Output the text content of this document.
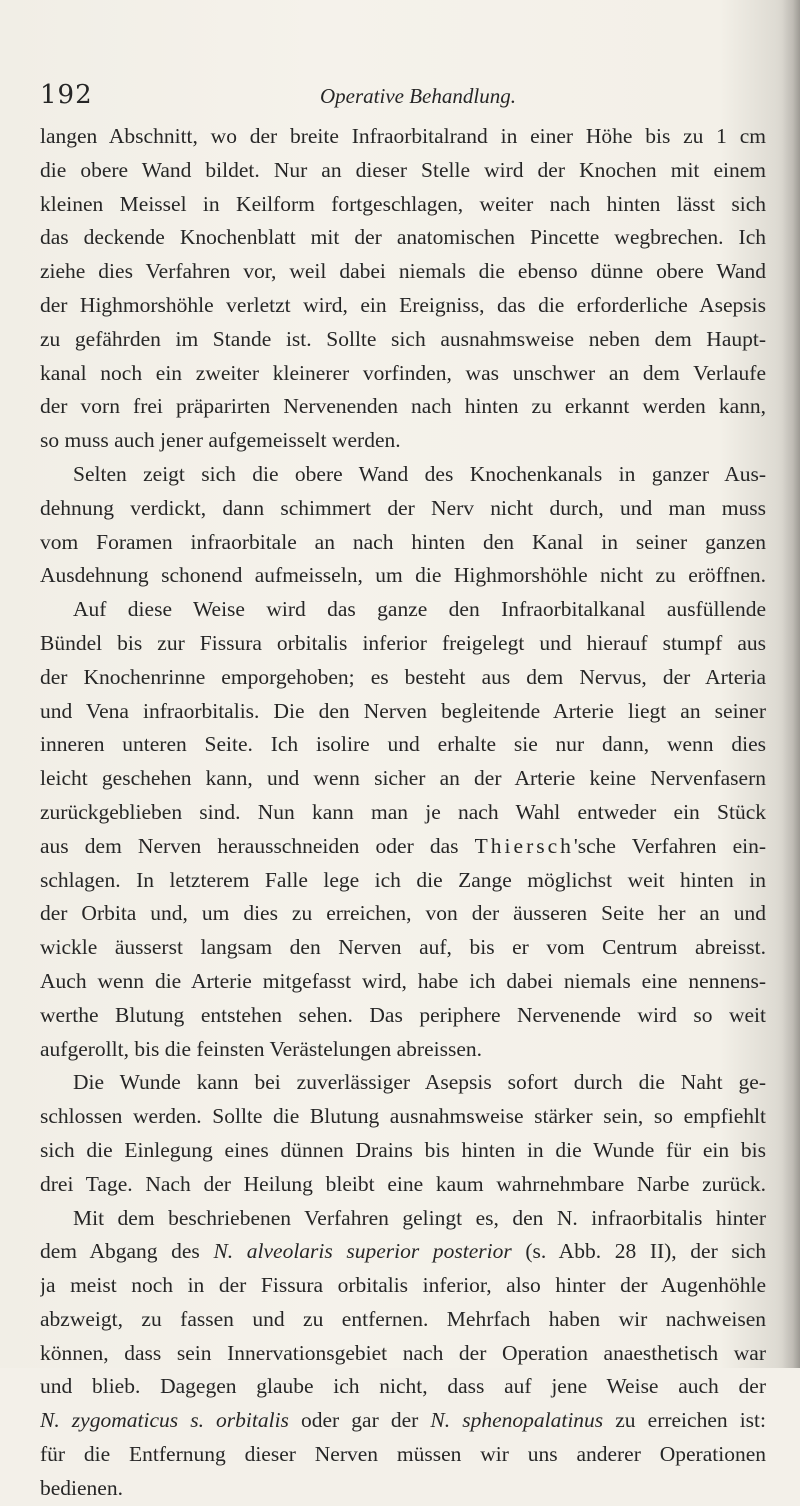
192	Operative Behandlung.
langen Abschnitt, wo der breite Infraorbitalrand in einer Höhe bis zu 1 cm
die obere Wand bildet. Nur an dieser Stelle wird der Knochen mit einem
kleinen Meissel in Keilform fortgeschlagen, weiter nach hinten lässt sich
das deckende Knochenblatt mit der anatomischen Pincette wegbrechen. Ich
ziehe dies Verfahren vor, weil dabei niemals die ebenso dünne obere Wand
der Highmorshöhle verletzt wird, ein Ereigniss, das die erforderliche Asepsis
zu gefährden im Stande ist. Sollte sich ausnahmsweise neben dem Haupt-
kanal noch ein zweiter kleinerer vorfinden, was unschwer an dem Verlaufe
der vorn frei präparirten Nervenenden nach hinten zu erkannt werden kann,
so muss auch jener aufgemeisselt werden.
Selten zeigt sich die obere Wand des Knochenkanals in ganzer Aus-
dehnung verdickt, dann schimmert der Nerv nicht durch, und man muss
vom Foramen infraorbitale an nach hinten den Kanal in seiner ganzen
Ausdehnung schonend aufmeisseln, um die Highmorshöhle nicht zu eröffnen.
Auf diese Weise wird das ganze den Infraorbitalkanal ausfüllende
Bündel bis zur Fissura orbitalis inferior freigelegt und hierauf stumpf aus
der Knochenrinne emporgehoben; es besteht aus dem Nervus, der Arteria
und Vena infraorbitalis. Die den Nerven begleitende Arterie liegt an seiner
inneren unteren Seite. Ich isolire und erhalte sie nur dann, wenn dies
leicht geschehen kann, und wenn sicher an der Arterie keine Nervenfasern
zurückgeblieben sind. Nun kann man je nach Wahl entweder ein Stück
aus dem Nerven herausschneiden oder das Thiersch'sche Verfahren ein-
schlagen. In letzterem Falle lege ich die Zange möglichst weit hinten in
der Orbita und, um dies zu erreichen, von der äusseren Seite her an und
wickle äusserst langsam den Nerven auf, bis er vom Centrum abreisst.
Auch wenn die Arterie mitgefasst wird, habe ich dabei niemals eine nennens-
werthe Blutung entstehen sehen. Das periphere Nervenende wird so weit
aufgerollt, bis die feinsten Verästelungen abreissen.
Die Wunde kann bei zuverlässiger Asepsis sofort durch die Naht ge-
schlossen werden. Sollte die Blutung ausnahmsweise stärker sein, so empfiehlt
sich die Einlegung eines dünnen Drains bis hinten in die Wunde für ein bis
drei Tage. Nach der Heilung bleibt eine kaum wahrnehmbare Narbe zurück.
Mit dem beschriebenen Verfahren gelingt es, den N. infraorbitalis hinter
dem Abgang des N. alveolaris superior posterior (s. Abb. 28 II), der sich
ja meist noch in der Fissura orbitalis inferior, also hinter der Augenhöhle
abzweigt, zu fassen und zu entfernen. Mehrfach haben wir nachweisen
können, dass sein Innervationsgebiet nach der Operation anaesthetisch war
und blieb. Dagegen glaube ich nicht, dass auf jene Weise auch der
N. zygomaticus s. orbitalis oder gar der N. sphenopalatinus zu erreichen ist:
für die Entfernung dieser Nerven müssen wir uns anderer Operationen
bedienen.
